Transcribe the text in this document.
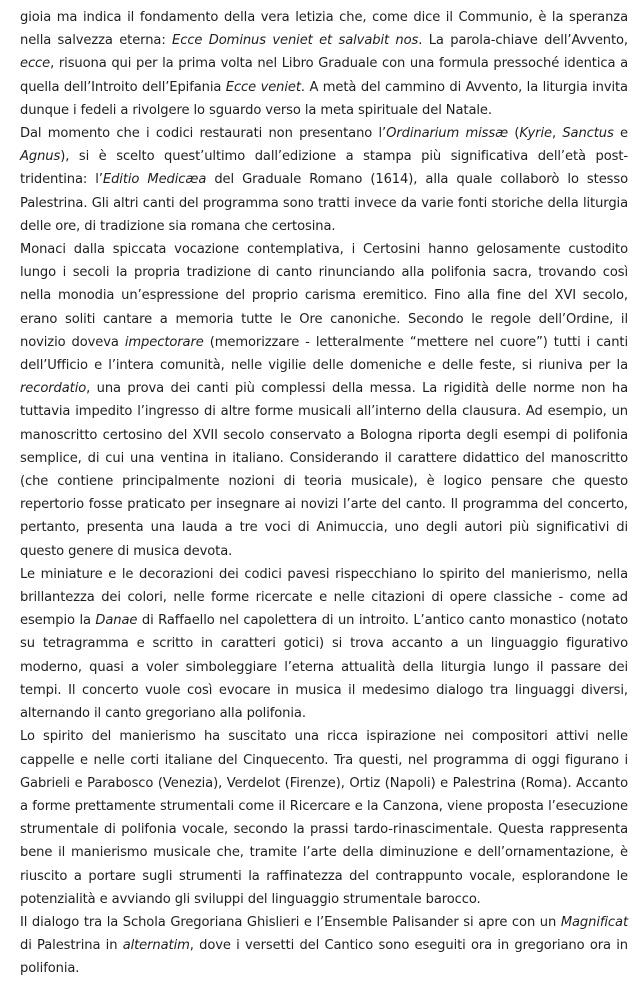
gioia ma indica il fondamento della vera letizia che, come dice il Communio, è la speranza nella salvezza eterna: Ecce Dominus veniet et salvabit nos. La parola-chiave dell’Avvento, ecce, risuona qui per la prima volta nel Libro Graduale con una formula pressoché identica a quella dell’Introito dell’Epifania Ecce veniet. A metà del cammino di Avvento, la liturgia invita dunque i fedeli a rivolgere lo sguardo verso la meta spirituale del Natale.

Dal momento che i codici restaurati non presentano l’Ordinarium missæ (Kyrie, Sanctus e Agnus), si è scelto quest’ultimo dall’edizione a stampa più significativa dell’età post-tridentina: l’Editio Medicæa del Graduale Romano (1614), alla quale collaborò lo stesso Palestrina. Gli altri canti del programma sono tratti invece da varie fonti storiche della liturgia delle ore, di tradizione sia romana che certosina.

Monaci dalla spiccata vocazione contemplativa, i Certosini hanno gelosamente custodito lungo i secoli la propria tradizione di canto rinunciando alla polifonia sacra, trovando così nella monodia un’espressione del proprio carisma eremitico. Fino alla fine del XVI secolo, erano soliti cantare a memoria tutte le Ore canoniche. Secondo le regole dell’Ordine, il novizio doveva impectorare (memorizzare - letteralmente “mettere nel cuore”) tutti i canti dell’Ufficio e l’intera comunità, nelle vigilie delle domeniche e delle feste, si riuniva per la recordatio, una prova dei canti più complessi della messa. La rigidità delle norme non ha tuttavia impedito l’ingresso di altre forme musicali all’interno della clausura. Ad esempio, un manoscritto certosino del XVII secolo conservato a Bologna riporta degli esempi di polifonia semplice, di cui una ventina in italiano. Considerando il carattere didattico del manoscritto (che contiene principalmente nozioni di teoria musicale), è logico pensare che questo repertorio fosse praticato per insegnare ai novizi l’arte del canto. Il programma del concerto, pertanto, presenta una lauda a tre voci di Animuccia, uno degli autori più significativi di questo genere di musica devota.

Le miniature e le decorazioni dei codici pavesi rispecchiano lo spirito del manierismo, nella brillantezza dei colori, nelle forme ricercate e nelle citazioni di opere classiche - come ad esempio la Danae di Raffaello nel capolettera di un introito. L’antico canto monastico (notato su tetragramma e scritto in caratteri gotici) si trova accanto a un linguaggio figurativo moderno, quasi a voler simboleggiare l’eterna attualità della liturgia lungo il passare dei tempi. Il concerto vuole così evocare in musica il medesimo dialogo tra linguaggi diversi, alternando il canto gregoriano alla polifonia.

Lo spirito del manierismo ha suscitato una ricca ispirazione nei compositori attivi nelle cappelle e nelle corti italiane del Cinquecento. Tra questi, nel programma di oggi figurano i Gabrieli e Parabosco (Venezia), Verdelot (Firenze), Ortiz (Napoli) e Palestrina (Roma). Accanto a forme prettamente strumentali come il Ricercare e la Canzona, viene proposta l’esecuzione strumentale di polifonia vocale, secondo la prassi tardo-rinascimentale. Questa rappresenta bene il manierismo musicale che, tramite l’arte della diminuzione e dell’ornamentazione, è riuscito a portare sugli strumenti la raffinatezza del contrappunto vocale, esplorandone le potenzialità e avviando gli sviluppi del linguaggio strumentale barocco.

Il dialogo tra la Schola Gregoriana Ghislieri e l’Ensemble Palisander si apre con un Magnificat di Palestrina in alternatim, dove i versetti del Cantico sono eseguiti ora in gregoriano ora in polifonia.
